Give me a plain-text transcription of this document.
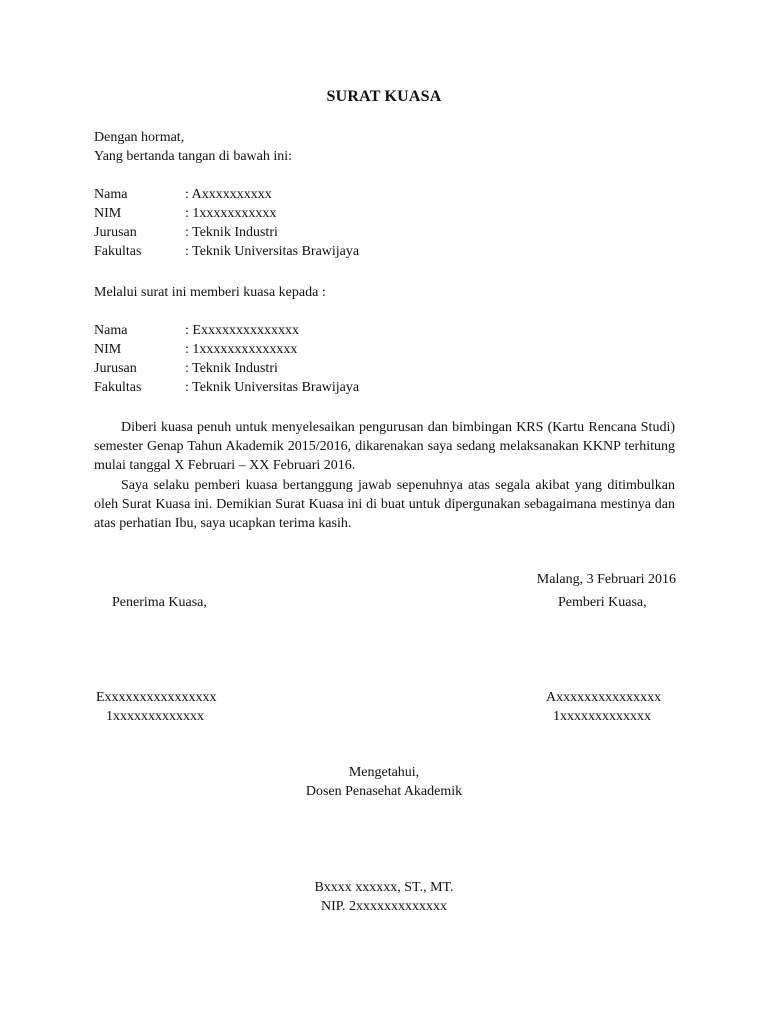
SURAT KUASA
Dengan hormat,
Yang bertanda tangan di bawah ini:
Nama	: Axxxxxxxxxx
NIM	: 1xxxxxxxxxxx
Jurusan	: Teknik Industri
Fakultas	: Teknik Universitas Brawijaya
Melalui surat ini memberi kuasa kepada :
Nama	: Exxxxxxxxxxxxxx
NIM	: 1xxxxxxxxxxxxxx
Jurusan	: Teknik Industri
Fakultas	: Teknik Universitas Brawijaya
Diberi kuasa penuh untuk menyelesaikan pengurusan dan bimbingan KRS (Kartu Rencana Studi) semester Genap Tahun Akademik 2015/2016, dikarenakan saya sedang melaksanakan KKNP terhitung mulai tanggal X Februari – XX Februari 2016.
Saya selaku pemberi kuasa bertanggung jawab sepenuhnya atas segala akibat yang ditimbulkan oleh Surat Kuasa ini. Demikian Surat Kuasa ini di buat untuk dipergunakan sebagaimana mestinya dan atas perhatian Ibu, saya ucapkan terima kasih.
Malang, 3 Februari 2016
Penerima Kuasa,	Pemberi Kuasa,
Exxxxxxxxxxxxxxxx
1xxxxxxxxxxxxx
Axxxxxxxxxxxxxxx
1xxxxxxxxxxxxx
Mengetahui,
Dosen Penasehat Akademik
Bxxxx xxxxxx, ST., MT.
NIP. 2xxxxxxxxxxxxx
